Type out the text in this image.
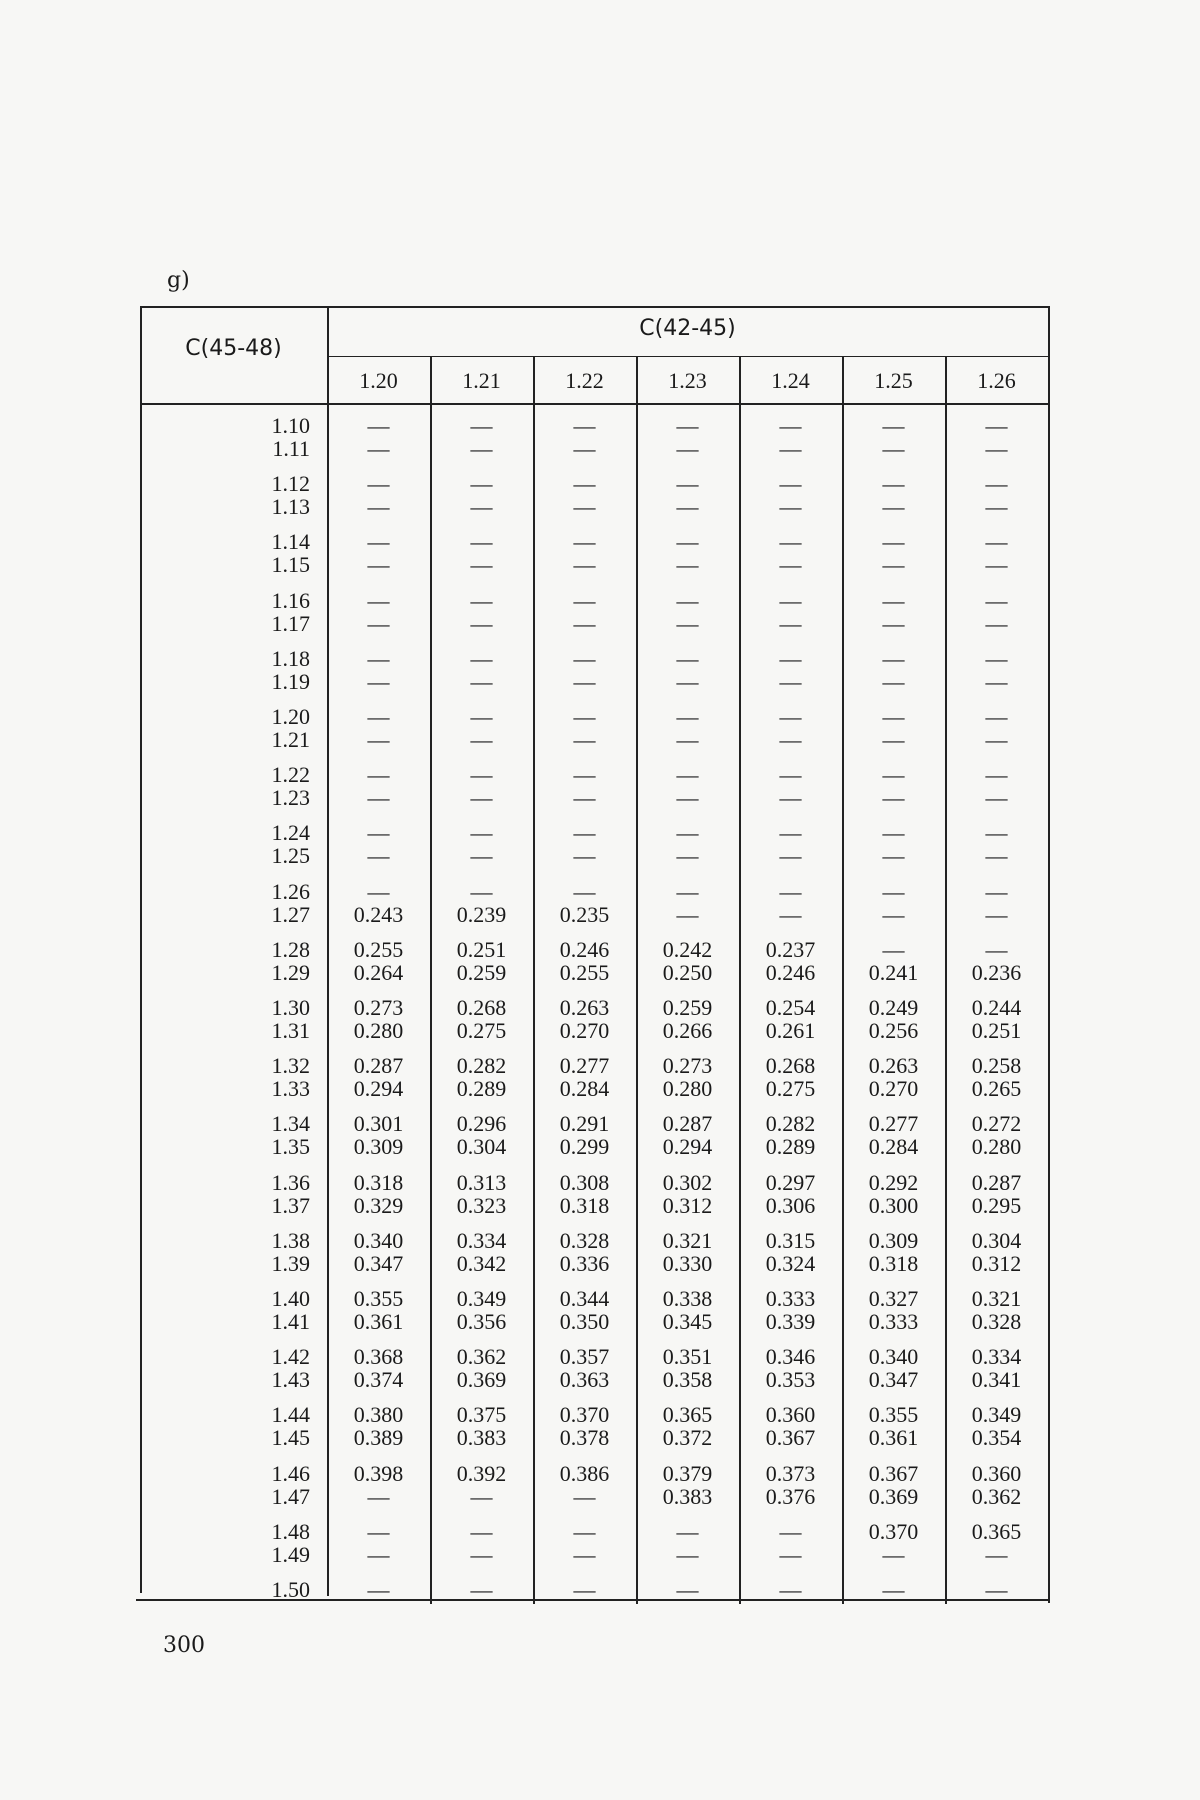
g)
C(45-48)
C(42-45)
1.20	1.21	1.22	1.23	1.24	1.25	1.26
1.10	—	—	—	—	—	—	—
1.11	—	—	—	—	—	—	—
1.12	—	—	—	—	—	—	—
1.13	—	—	—	—	—	—	—
1.14	—	—	—	—	—	—	—
1.15	—	—	—	—	—	—	—
1.16	—	—	—	—	—	—	—
1.17	—	—	—	—	—	—	—
1.18	—	—	—	—	—	—	—
1.19	—	—	—	—	—	—	—
1.20	—	—	—	—	—	—	—
1.21	—	—	—	—	—	—	—
1.22	—	—	—	—	—	—	—
1.23	—	—	—	—	—	—	—
1.24	—	—	—	—	—	—	—
1.25	—	—	—	—	—	—	—
1.26	—	—	—	—	—	—	—
1.27	0.243	0.239	0.235	—	—	—	—
1.28	0.255	0.251	0.246	0.242	0.237	—	—
1.29	0.264	0.259	0.255	0.250	0.246	0.241	0.236
1.30	0.273	0.268	0.263	0.259	0.254	0.249	0.244
1.31	0.280	0.275	0.270	0.266	0.261	0.256	0.251
1.32	0.287	0.282	0.277	0.273	0.268	0.263	0.258
1.33	0.294	0.289	0.284	0.280	0.275	0.270	0.265
1.34	0.301	0.296	0.291	0.287	0.282	0.277	0.272
1.35	0.309	0.304	0.299	0.294	0.289	0.284	0.280
1.36	0.318	0.313	0.308	0.302	0.297	0.292	0.287
1.37	0.329	0.323	0.318	0.312	0.306	0.300	0.295
1.38	0.340	0.334	0.328	0.321	0.315	0.309	0.304
1.39	0.347	0.342	0.336	0.330	0.324	0.318	0.312
1.40	0.355	0.349	0.344	0.338	0.333	0.327	0.321
1.41	0.361	0.356	0.350	0.345	0.339	0.333	0.328
1.42	0.368	0.362	0.357	0.351	0.346	0.340	0.334
1.43	0.374	0.369	0.363	0.358	0.353	0.347	0.341
1.44	0.380	0.375	0.370	0.365	0.360	0.355	0.349
1.45	0.389	0.383	0.378	0.372	0.367	0.361	0.354
1.46	0.398	0.392	0.386	0.379	0.373	0.367	0.360
1.47	—	—	—	0.383	0.376	0.369	0.362
1.48	—	—	—	—	—	0.370	0.365
1.49	—	—	—	—	—	—	—
1.50	—	—	—	—	—	—	—
300
